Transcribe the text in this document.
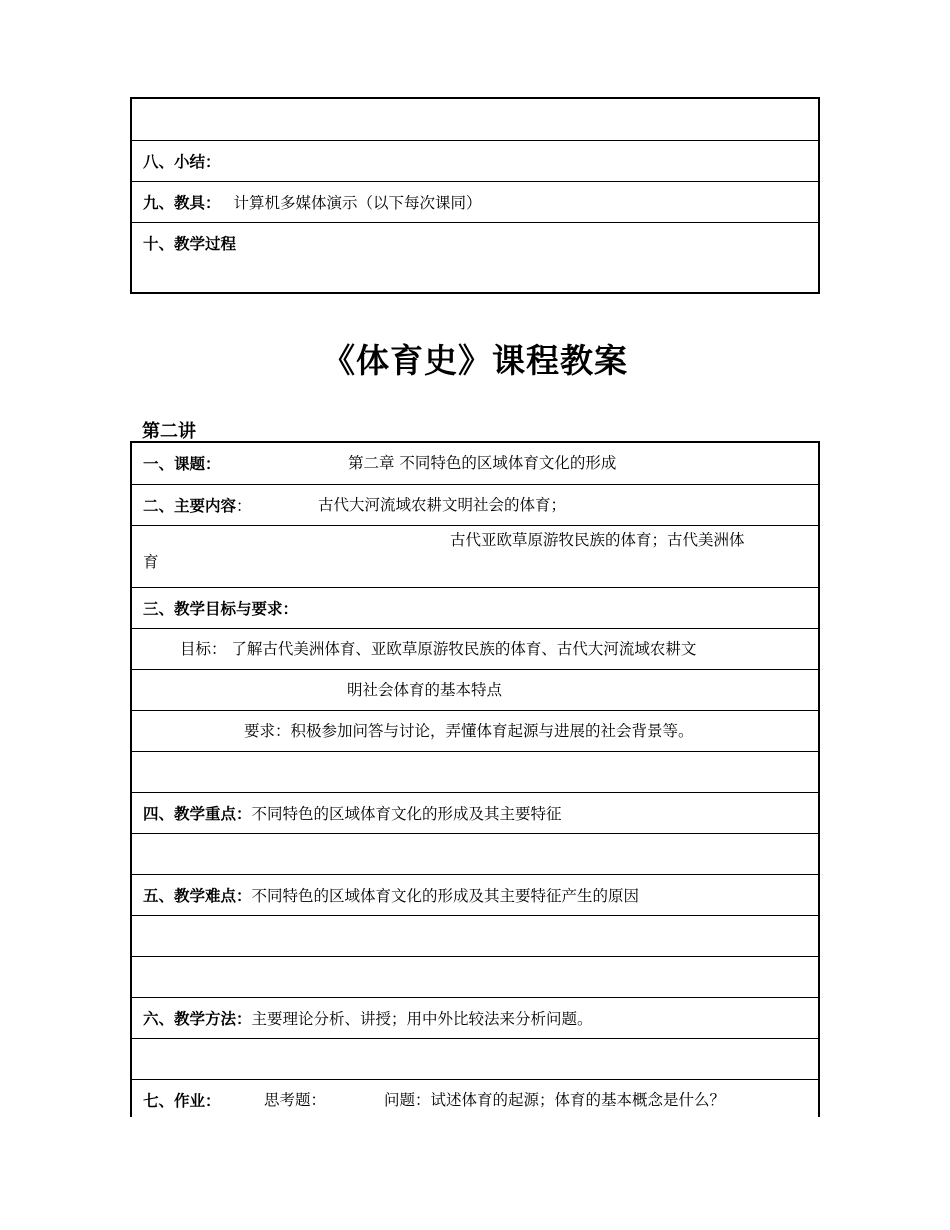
八、小结：
九、教具： 计算机多媒体演示（以下每次课同）
十、教学过程
《体育史》课程教案
第二讲
一、课题：	第二章 不同特色的区域体育文化的形成
二、主要内容：	古代大河流域农耕文明社会的体育；
古代亚欧草原游牧民族的体育；古代美洲体
育
三、教学目标与要求：
目标： 了解古代美洲体育、亚欧草原游牧民族的体育、古代大河流域农耕文
明社会体育的基本特点
要求：积极参加问答与讨论，弄懂体育起源与进展的社会背景等。
四、教学重点：不同特色的区域体育文化的形成及其主要特征
五、教学难点：不同特色的区域体育文化的形成及其主要特征产生的原因
六、教学方法：主要理论分析、讲授；用中外比较法来分析问题。
七、作业：	思考题：	问题：试述体育的起源；体育的基本概念是什么？
